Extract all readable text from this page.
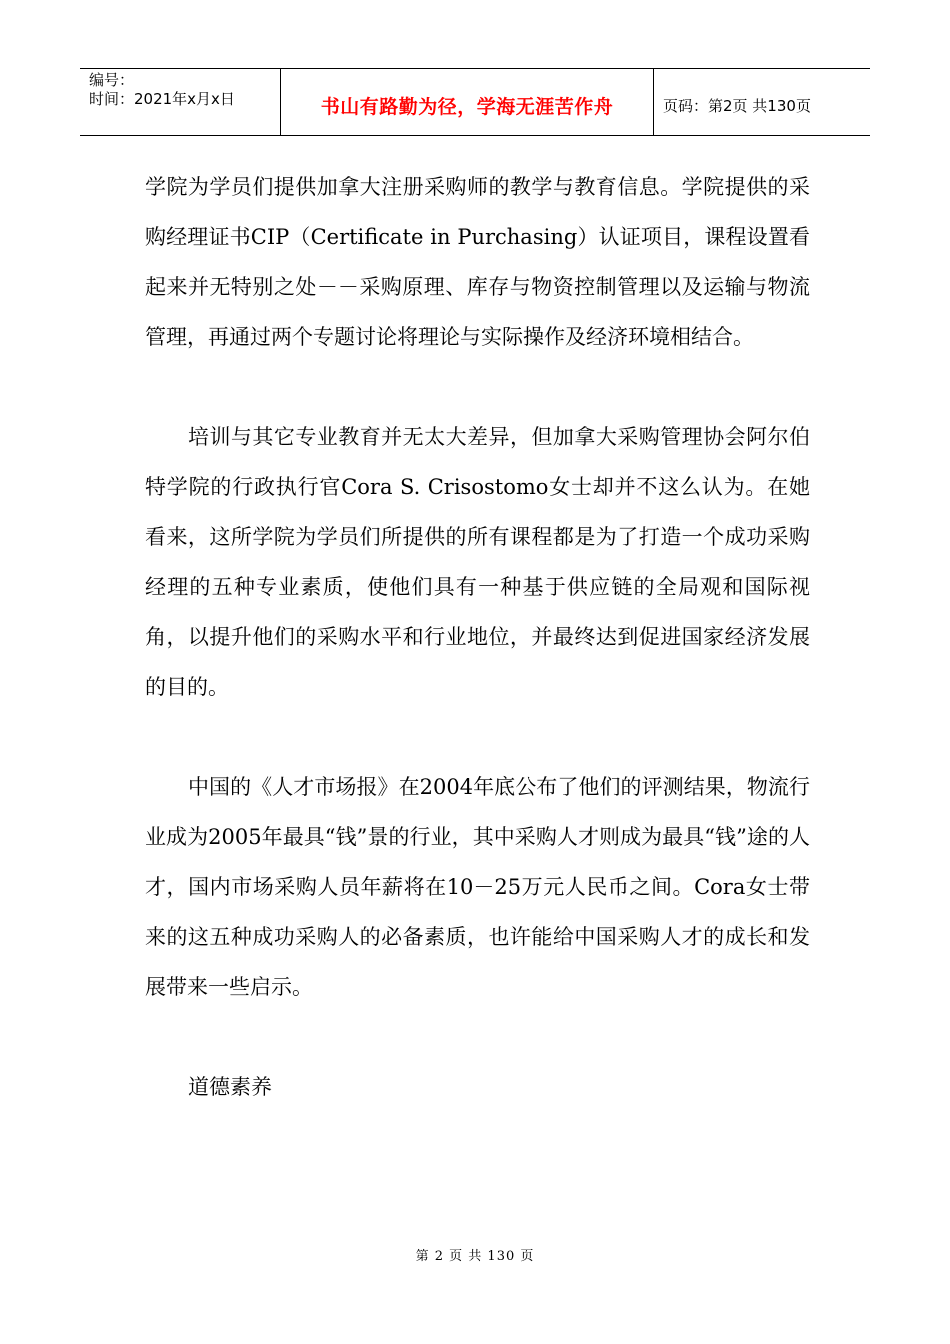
编号：
时间：2021年x月x日	书山有路勤为径，学海无涯苦作舟	页码：第2页 共130页

学院为学员们提供加拿大注册采购师的教学与教育信息。学院提供的采购经理证书CIP（Certificate in Purchasing）认证项目，课程设置看起来并无特别之处－－采购原理、库存与物资控制管理以及运输与物流管理，再通过两个专题讨论将理论与实际操作及经济环境相结合。

培训与其它专业教育并无太大差异，但加拿大采购管理协会阿尔伯特学院的行政执行官Cora S. Crisostomo女士却并不这么认为。在她看来，这所学院为学员们所提供的所有课程都是为了打造一个成功采购经理的五种专业素质，使他们具有一种基于供应链的全局观和国际视角，以提升他们的采购水平和行业地位，并最终达到促进国家经济发展的目的。

中国的《人才市场报》在2004年底公布了他们的评测结果，物流行业成为2005年最具“钱”景的行业，其中采购人才则成为最具“钱”途的人才，国内市场采购人员年薪将在10－25万元人民币之间。Cora女士带来的这五种成功采购人的必备素质，也许能给中国采购人才的成长和发展带来一些启示。

道德素养

第 2 页 共 130 页
